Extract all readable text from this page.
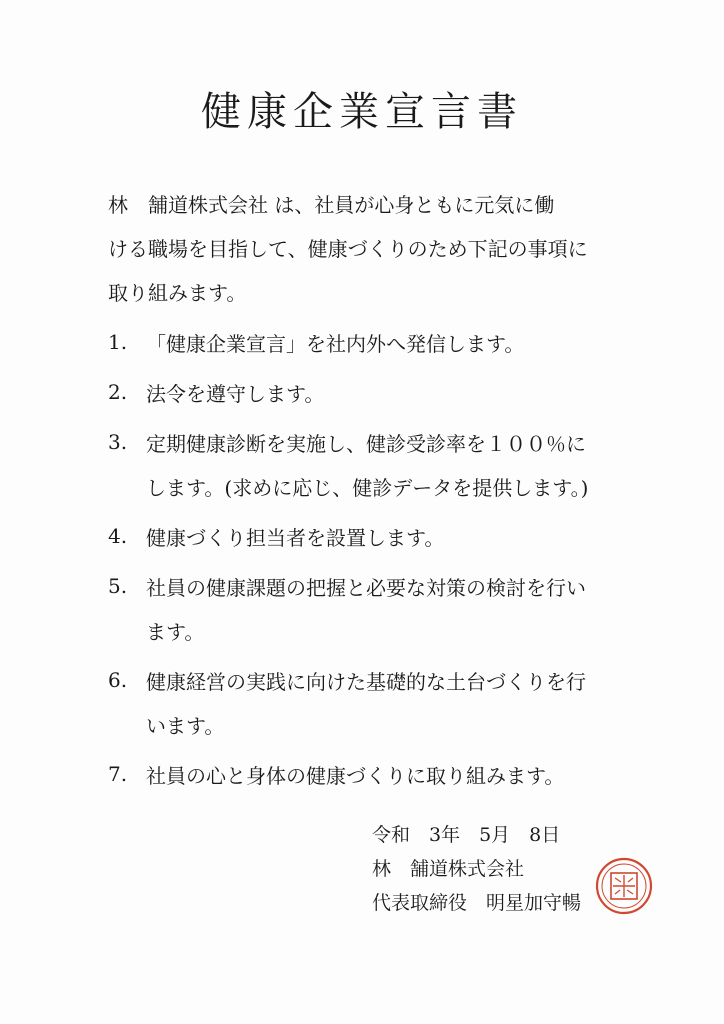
健康企業宣言書

林　舗道株式会社 は、社員が心身ともに元気に働
ける職場を目指して、健康づくりのため下記の事項に
取り組みます。

1. 「健康企業宣言」を社内外へ発信します。
2. 法令を遵守します。
3. 定期健康診断を実施し、健診受診率を１００％に
します。(求めに応じ、健診データを提供します。)
4. 健康づくり担当者を設置します。
5. 社員の健康課題の把握と必要な対策の検討を行い
ます。
6. 健康経営の実践に向けた基礎的な土台づくりを行
います。
7. 社員の心と身体の健康づくりに取り組みます。
令和　3年　5月　8日
林　舗道株式会社
代表取締役　明星加守暢
